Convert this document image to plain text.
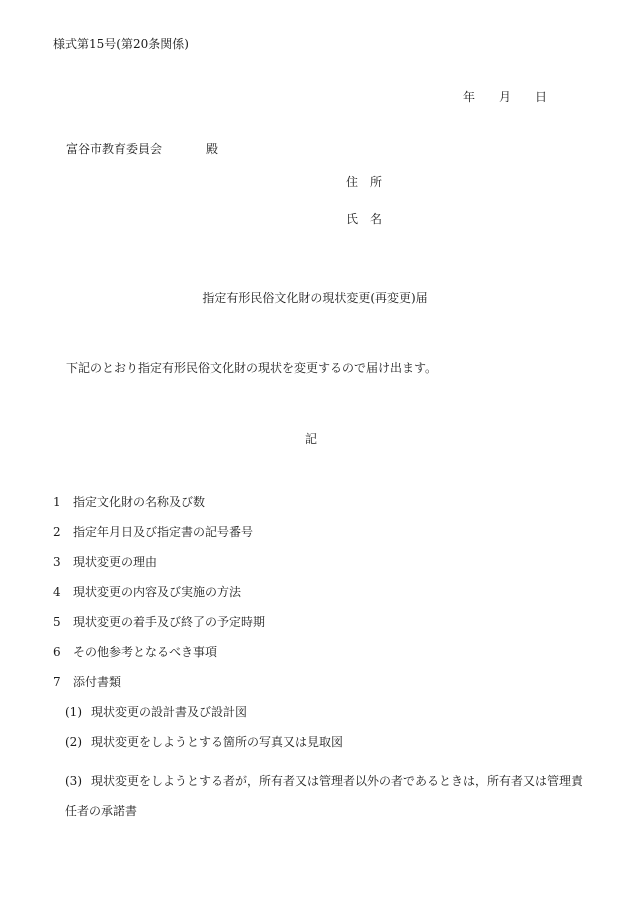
様式第15号(第20条関係)
年 月 日
富谷市教育委員会	殿
住　所
氏　名
指定有形民俗文化財の現状変更(再変更)届
下記のとおり指定有形民俗文化財の現状を変更するので届け出ます。
記
1 指定文化財の名称及び数
2 指定年月日及び指定書の記号番号
3 現状変更の理由
4 現状変更の内容及び実施の方法
5 現状変更の着手及び終了の予定時期
6 その他参考となるべき事項
7 添付書類
(1) 現状変更の設計書及び設計図
(2) 現状変更をしようとする箇所の写真又は見取図
(3) 現状変更をしようとする者が，所有者又は管理者以外の者であるときは，所有者又は管理責任者の承諾書
